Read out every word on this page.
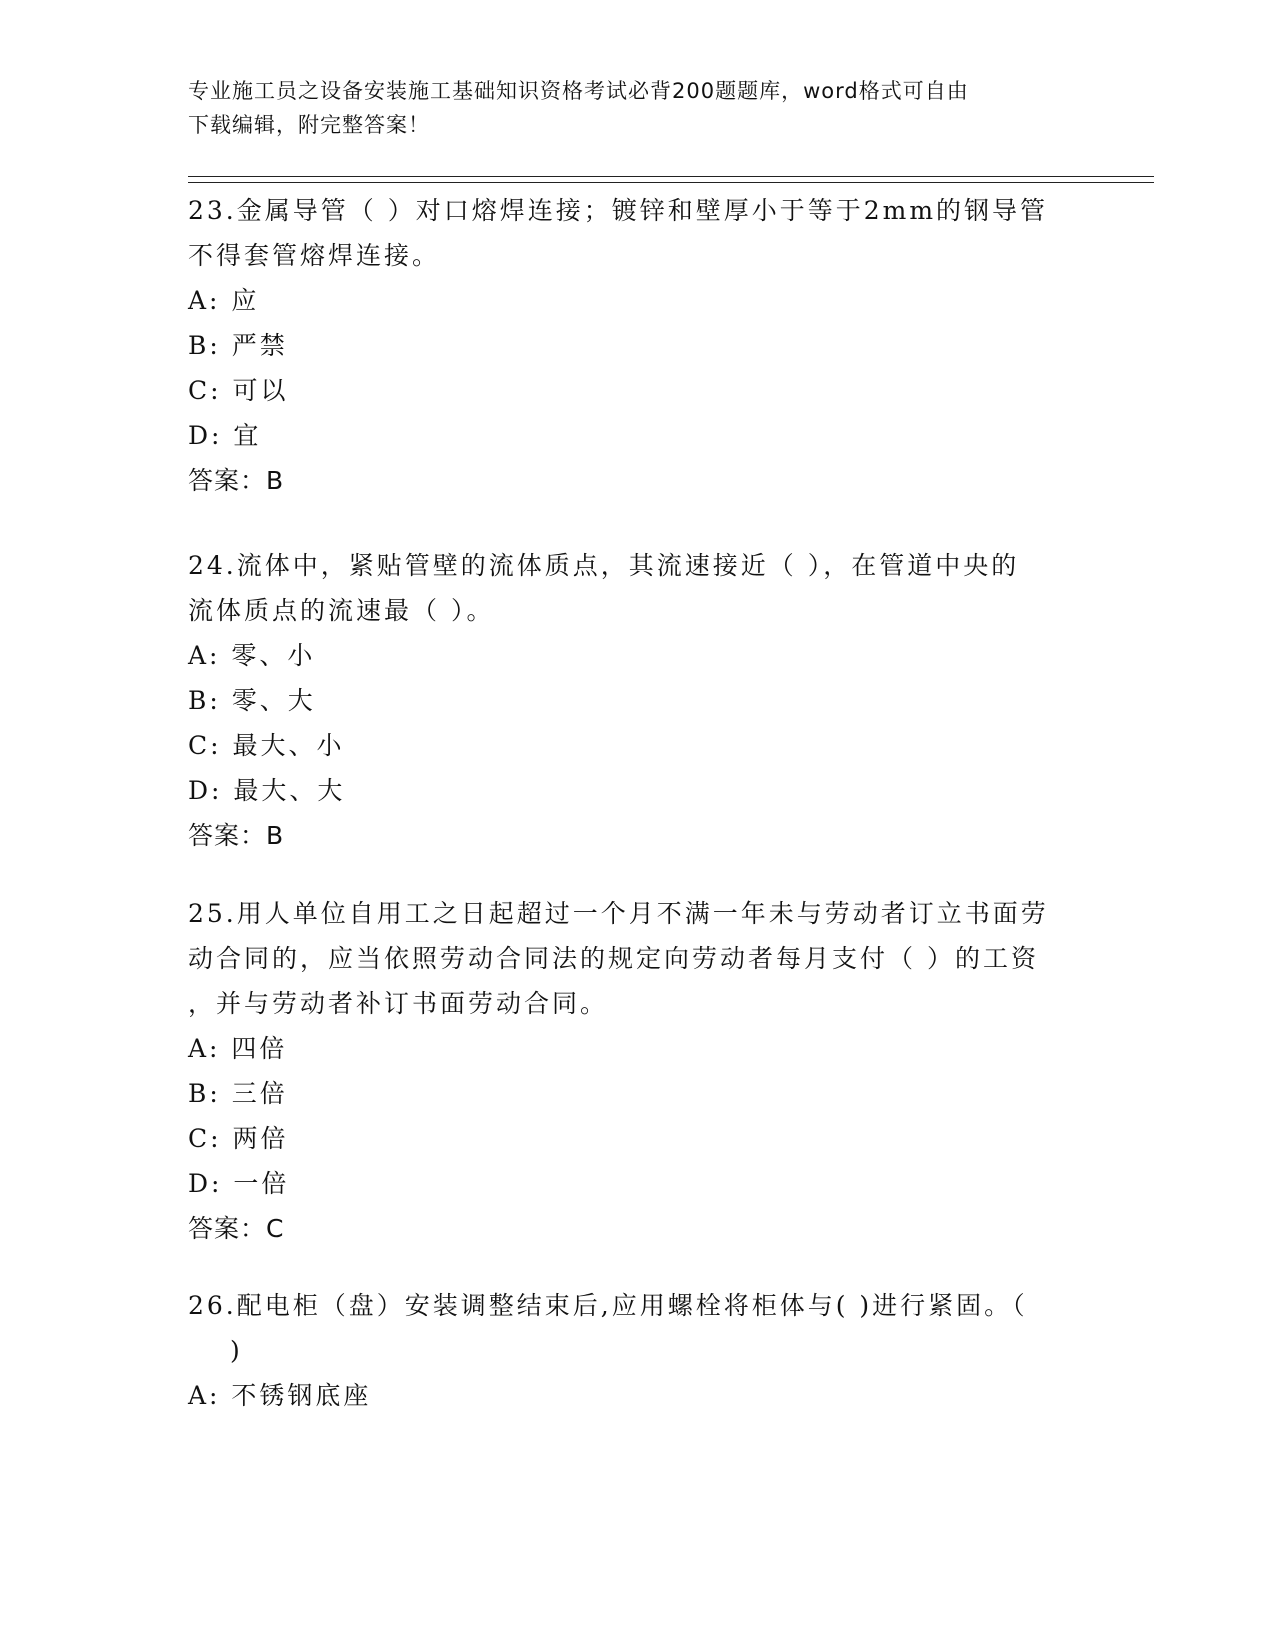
专业施工员之设备安装施工基础知识资格考试必背200题题库，word格式可自由
下载编辑，附完整答案！

23.金属导管（ ）对口熔焊连接；镀锌和壁厚小于等于2mm的钢导管

不得套管熔焊连接。

A: 应

B: 严禁

C: 可以

D: 宜

答案：B

24.流体中，紧贴管壁的流体质点，其流速接近（ ），在管道中央的

流体质点的流速最（ ）。

A: 零、小

B: 零、大

C: 最大、小

D: 最大、大

答案：B

25.用人单位自用工之日起超过一个月不满一年未与劳动者订立书面劳

动合同的，应当依照劳动合同法的规定向劳动者每月支付（ ）的工资

，并与劳动者补订书面劳动合同。

A: 四倍

B: 三倍

C: 两倍

D: 一倍

答案：C

26.配电柜（盘）安装调整结束后,应用螺栓将柜体与( )进行紧固。（

)

A: 不锈钢底座
